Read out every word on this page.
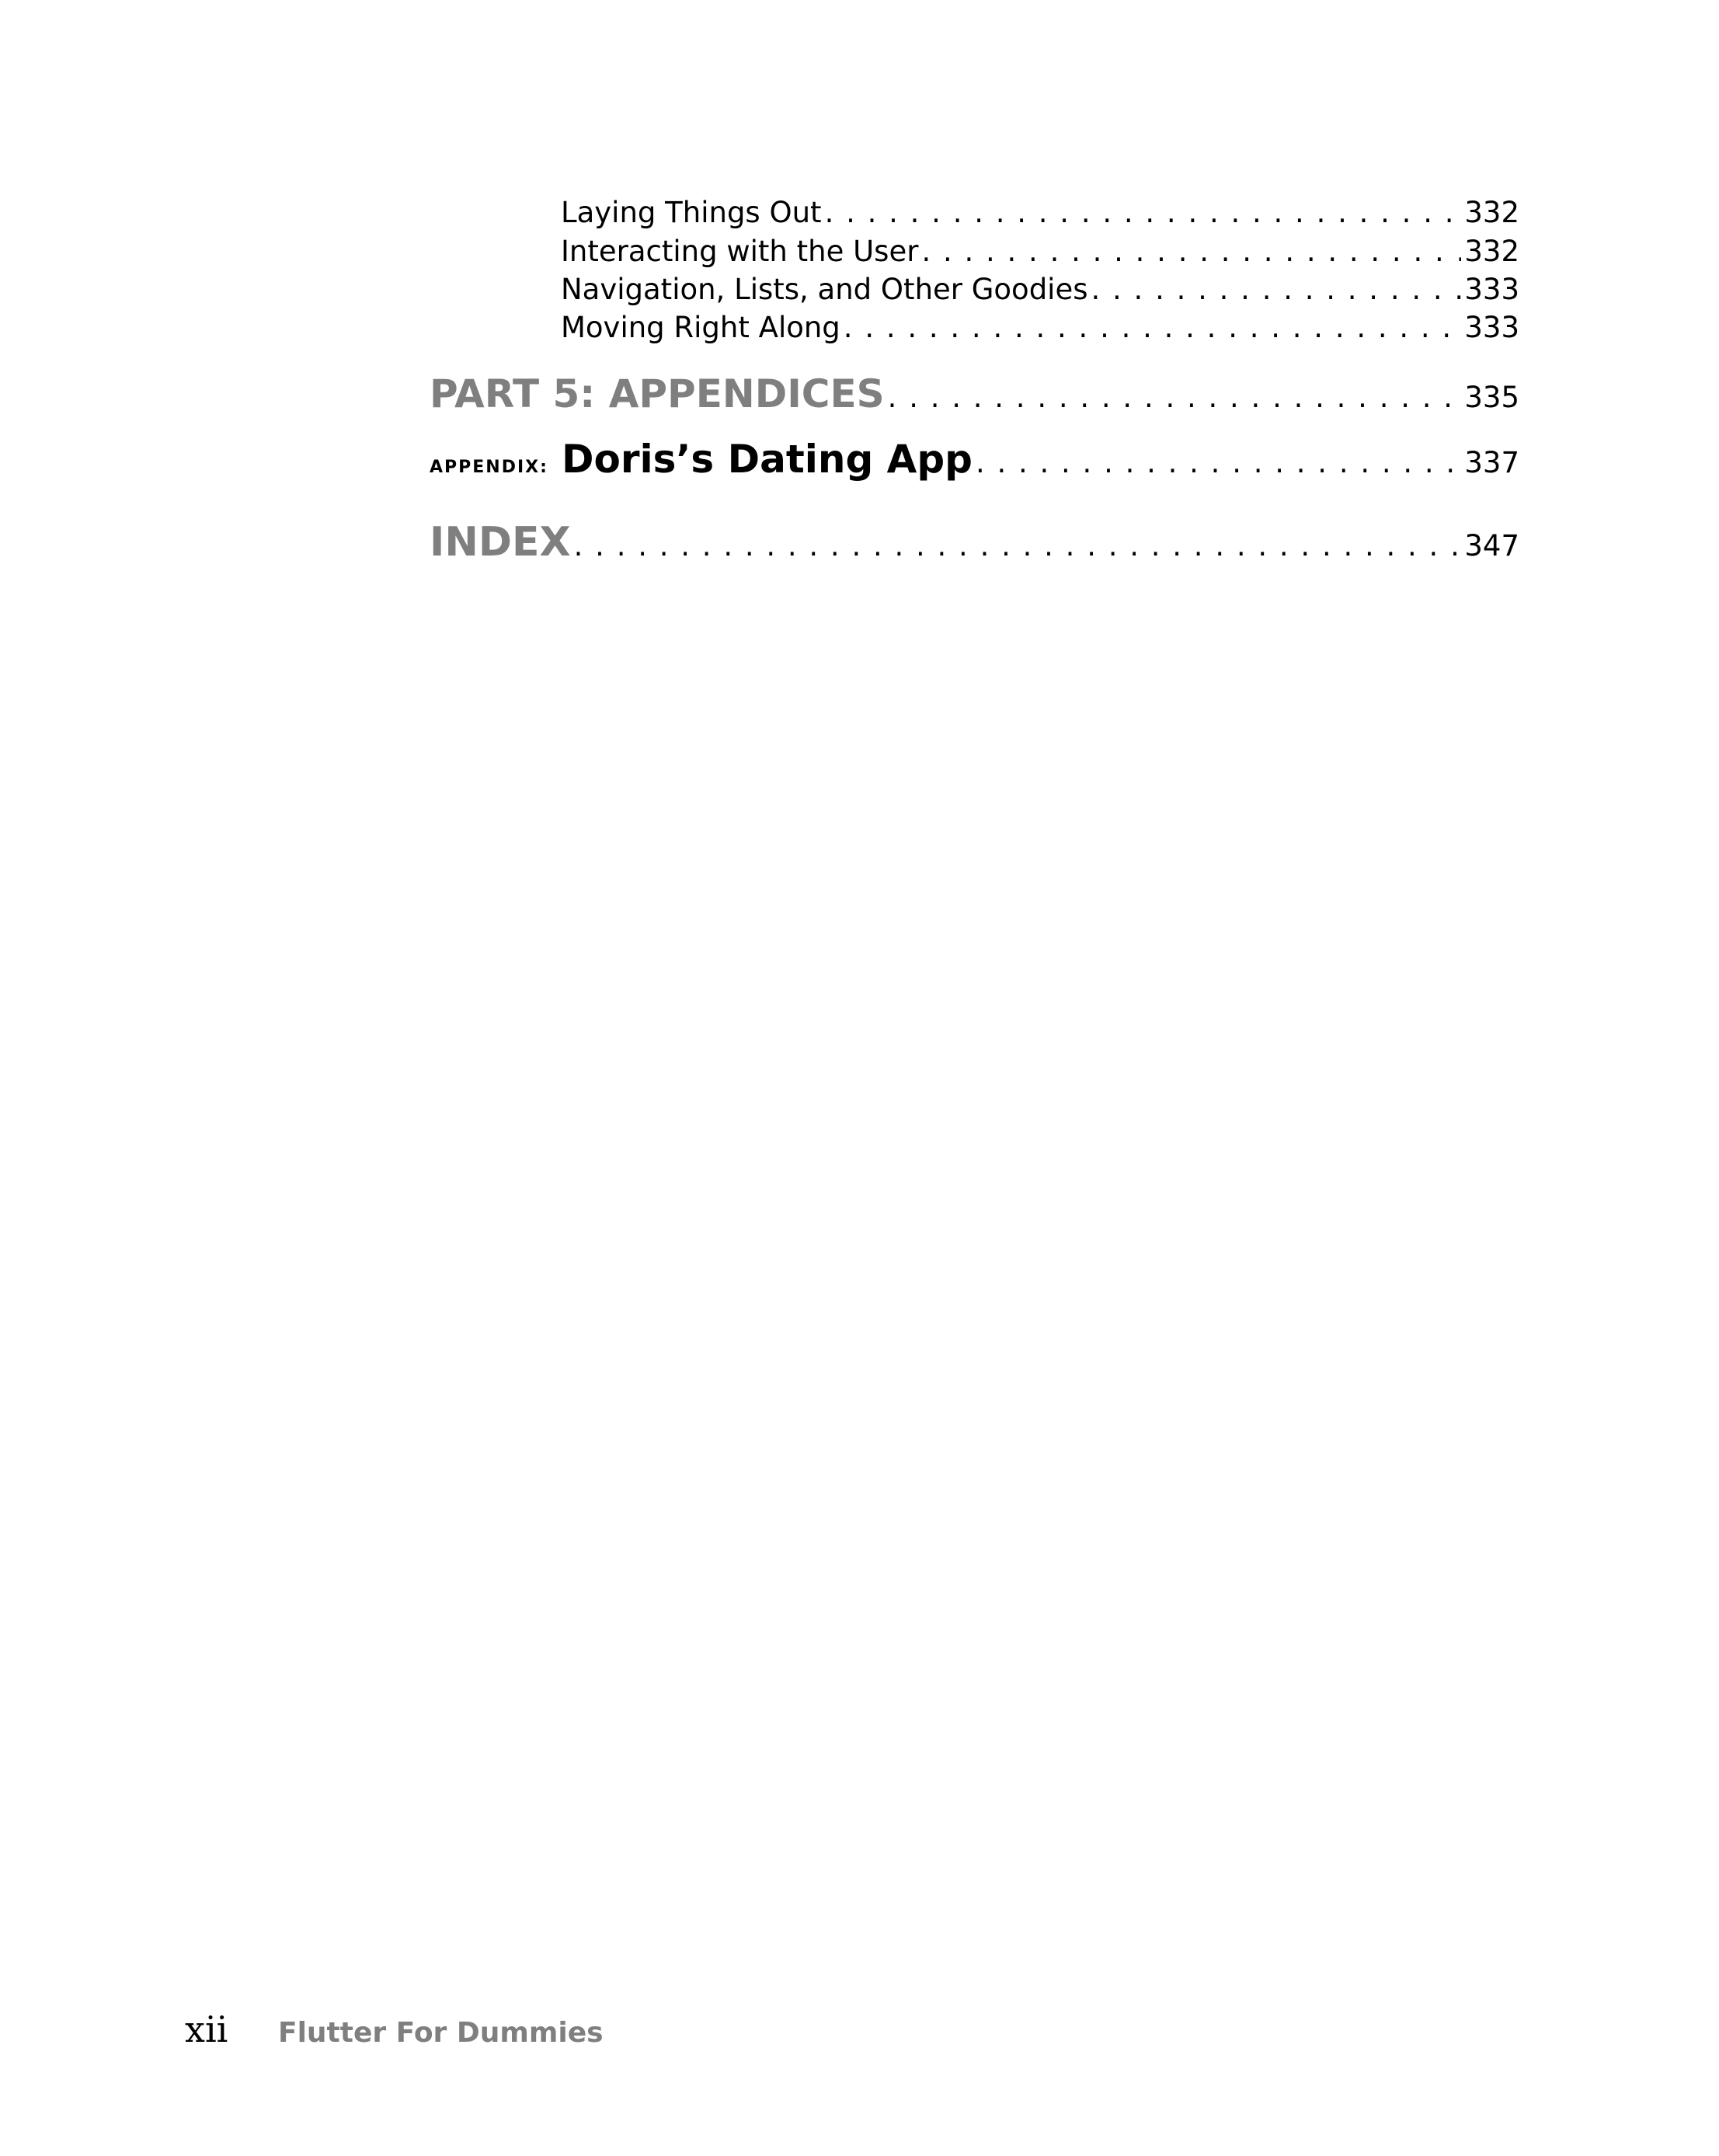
Laying Things Out . . .	332
Interacting with the User . . .	332
Navigation, Lists, and Other Goodies . . .	333
Moving Right Along . . .	333
PART 5: APPENDICES . . .	335
APPENDIX: Doris’s Dating App . . .	337
INDEX . . .	347
xii	Flutter For Dummies
